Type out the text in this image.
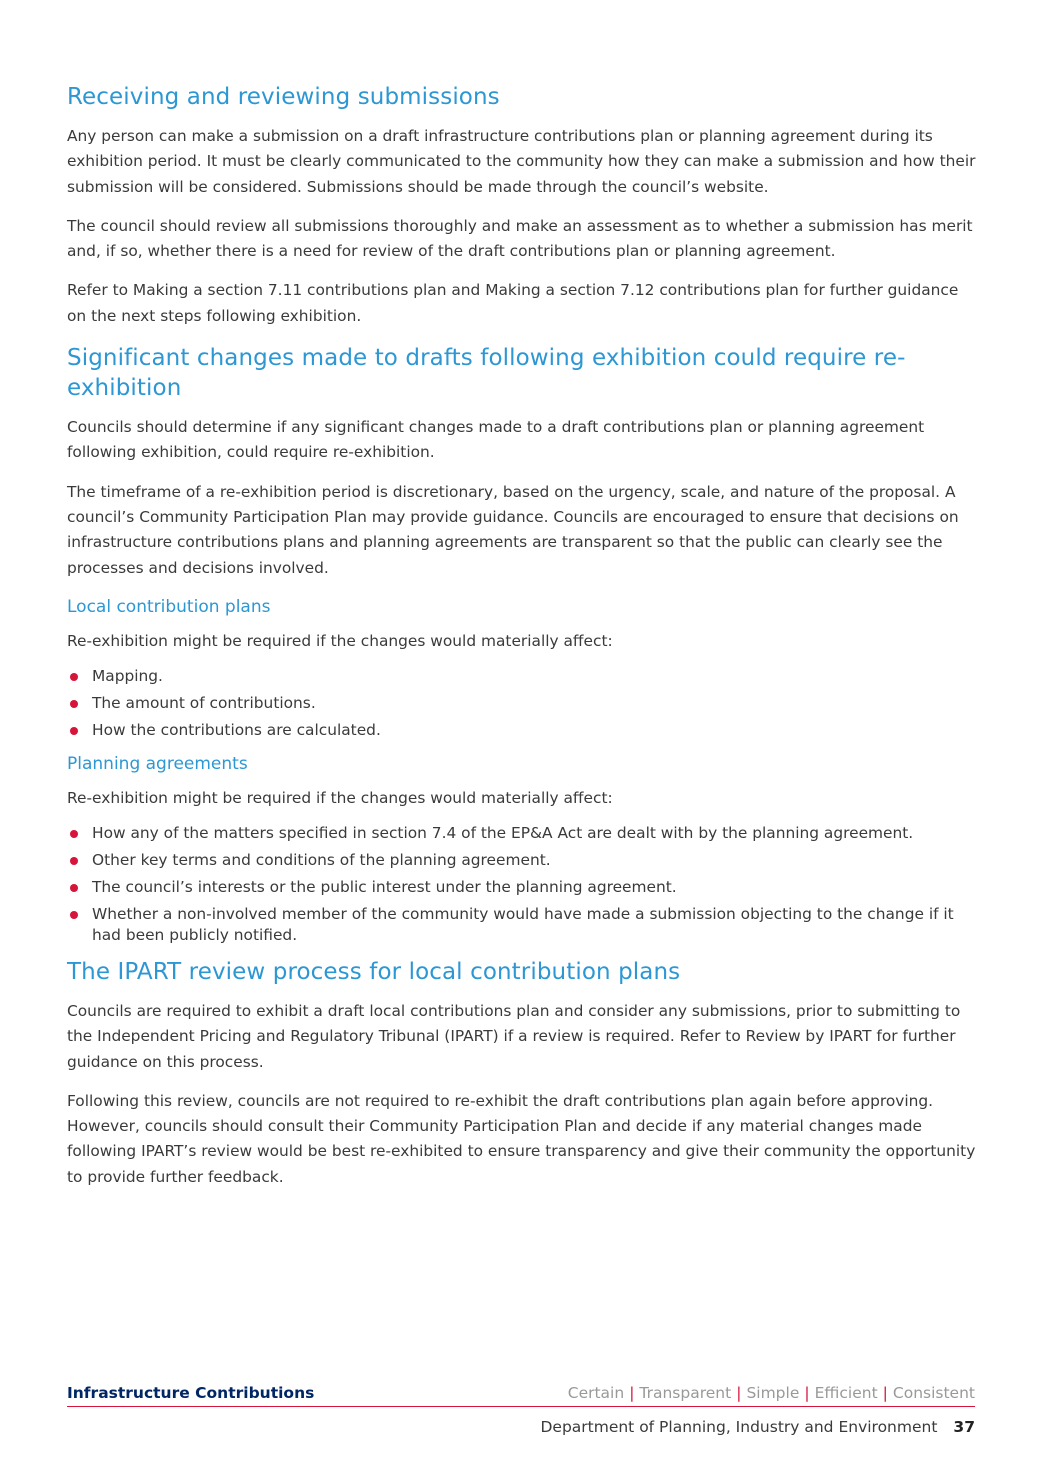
Receiving and reviewing submissions

Any person can make a submission on a draft infrastructure contributions plan or planning agreement during its exhibition period. It must be clearly communicated to the community how they can make a submission and how their submission will be considered. Submissions should be made through the council’s website.

The council should review all submissions thoroughly and make an assessment as to whether a submission has merit and, if so, whether there is a need for review of the draft contributions plan or planning agreement.

Refer to Making a section 7.11 contributions plan and Making a section 7.12 contributions plan for further guidance on the next steps following exhibition.

Significant changes made to drafts following exhibition could require re-exhibition

Councils should determine if any significant changes made to a draft contributions plan or planning agreement following exhibition, could require re-exhibition.

The timeframe of a re-exhibition period is discretionary, based on the urgency, scale, and nature of the proposal. A council’s Community Participation Plan may provide guidance. Councils are encouraged to ensure that decisions on infrastructure contributions plans and planning agreements are transparent so that the public can clearly see the processes and decisions involved.

Local contribution plans

Re-exhibition might be required if the changes would materially affect:

Mapping.
The amount of contributions.
How the contributions are calculated.
Planning agreements

Re-exhibition might be required if the changes would materially affect:

How any of the matters specified in section 7.4 of the EP&A Act are dealt with by the planning agreement.
Other key terms and conditions of the planning agreement.
The council’s interests or the public interest under the planning agreement.
Whether a non-involved member of the community would have made a submission objecting to the change if it had been publicly notified.
The IPART review process for local contribution plans

Councils are required to exhibit a draft local contributions plan and consider any submissions, prior to submitting to the Independent Pricing and Regulatory Tribunal (IPART) if a review is required. Refer to Review by IPART for further guidance on this process.

Following this review, councils are not required to re-exhibit the draft contributions plan again before approving. However, councils should consult their Community Participation Plan and decide if any material changes made following IPART’s review would be best re-exhibited to ensure transparency and give their community the opportunity to provide further feedback.

Infrastructure Contributions	Certain | Transparent | Simple | Efficient | Consistent
Department of Planning, Industry and Environment 37
